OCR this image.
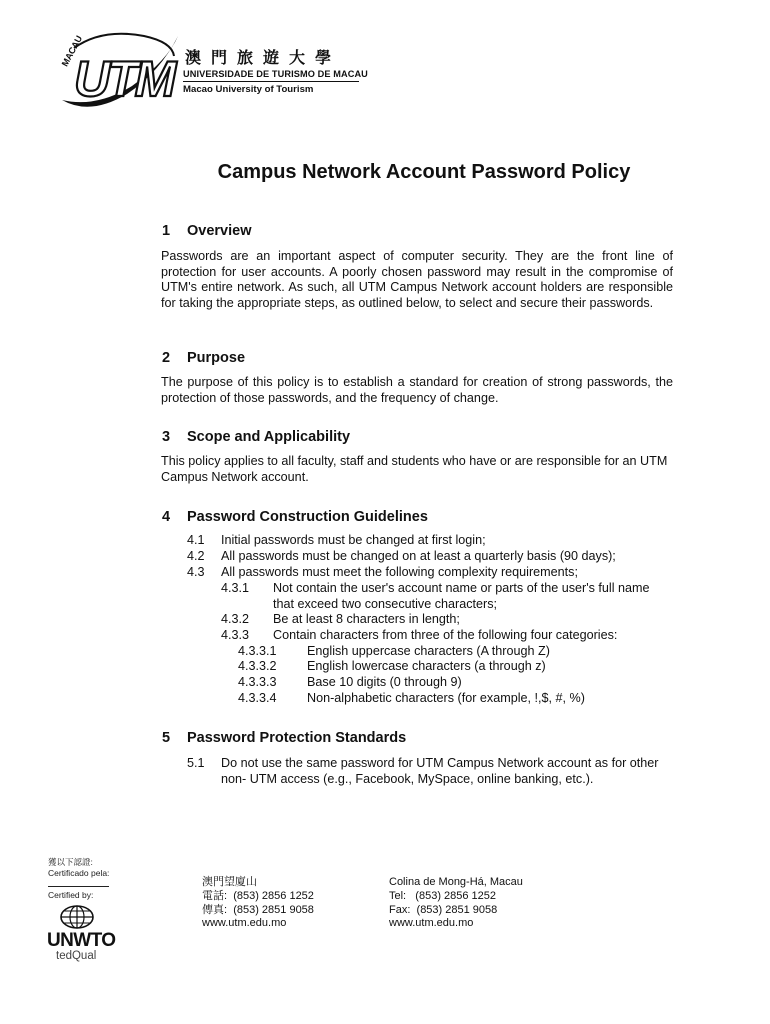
MACAU
UTM 澳門旅遊大學
UNIVERSIDADE DE TURISMO DE MACAU
Macao University of Tourism
Campus Network Account Password Policy
1 Overview
Passwords are an important aspect of computer security. They are the front line of protection for user accounts. A poorly chosen password may result in the compromise of UTM's entire network. As such, all UTM Campus Network account holders are responsible for taking the appropriate steps, as outlined below, to select and secure their passwords.
2 Purpose
The purpose of this policy is to establish a standard for creation of strong passwords, the protection of those passwords, and the frequency of change.
3 Scope and Applicability
This policy applies to all faculty, staff and students who have or are responsible for an UTM Campus Network account.
4 Password Construction Guidelines
4.1 Initial passwords must be changed at first login;
4.2 All passwords must be changed on at least a quarterly basis (90 days);
4.3 All passwords must meet the following complexity requirements;
4.3.1 Not contain the user's account name or parts of the user's full name that exceed two consecutive characters;
4.3.2 Be at least 8 characters in length;
4.3.3 Contain characters from three of the following four categories:
4.3.3.1 English uppercase characters (A through Z)
4.3.3.2 English lowercase characters (a through z)
4.3.3.3 Base 10 digits (0 through 9)
4.3.3.4 Non-alphabetic characters (for example, !,$, #, %)
5 Password Protection Standards
5.1 Do not use the same password for UTM Campus Network account as for other non- UTM access (e.g., Facebook, MySpace, online banking, etc.).
獲以下認證:
Certificado pela:
Certified by:
UNWTO
tedQual
澳門望廈山
電話: (853) 2856 1252
傳真: (853) 2851 9058
www.utm.edu.mo
Colina de Mong-Há, Macau
Tel: (853) 2856 1252
Fax: (853) 2851 9058
www.utm.edu.mo
